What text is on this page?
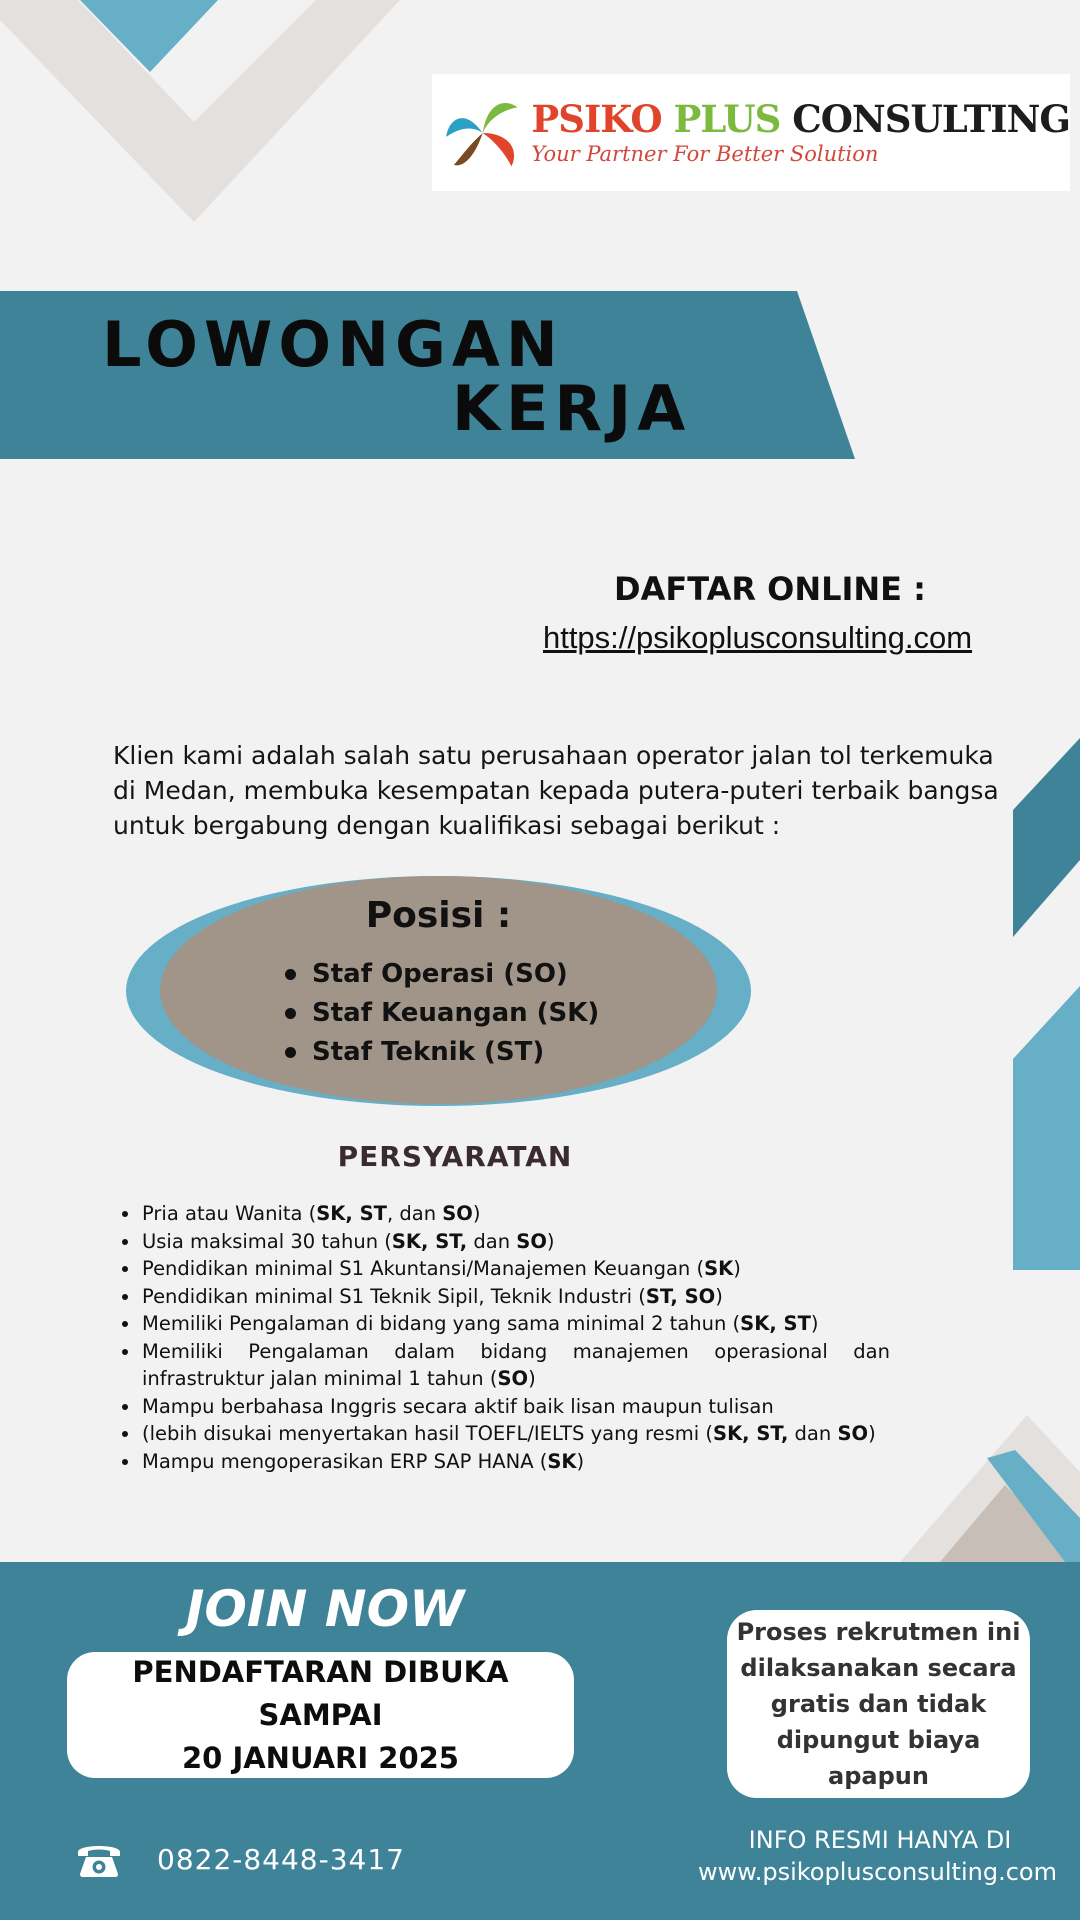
PSIKO PLUS CONSULTING
Your Partner For Better Solution
LOWONGAN
KERJA
DAFTAR ONLINE :
https://psikoplusconsulting.com

Klien kami adalah salah satu perusahaan operator jalan tol terkemuka di Medan, membuka kesempatan kepada putera-puteri terbaik bangsa untuk bergabung dengan kualifikasi sebagai berikut :

Posisi :
Staf Operasi (SO)
Staf Keuangan (SK)
Staf Teknik (ST)
PERSYARATAN
Pria atau Wanita (SK, ST, dan SO)
Usia maksimal 30 tahun (SK, ST, dan SO)
Pendidikan minimal S1 Akuntansi/Manajemen Keuangan (SK)
Pendidikan minimal S1 Teknik Sipil, Teknik Industri (ST, SO)
Memiliki Pengalaman di bidang yang sama minimal 2 tahun (SK, ST)
Memiliki Pengalaman dalam bidang manajemen operasional dan infrastruktur jalan minimal 1 tahun (SO)
Mampu berbahasa Inggris secara aktif baik lisan maupun tulisan
(lebih disukai menyertakan hasil TOEFL/IELTS yang resmi (SK, ST, dan SO)
Mampu mengoperasikan ERP SAP HANA (SK)
JOIN NOW
PENDAFTARAN DIBUKA SAMPAI
20 JANUARI 2025
Proses rekrutmen ini dilaksanakan secara gratis dan tidak dipungut biaya apapun
0822-8448-3417
INFO RESMI HANYA DI
www.psikoplusconsulting.com
